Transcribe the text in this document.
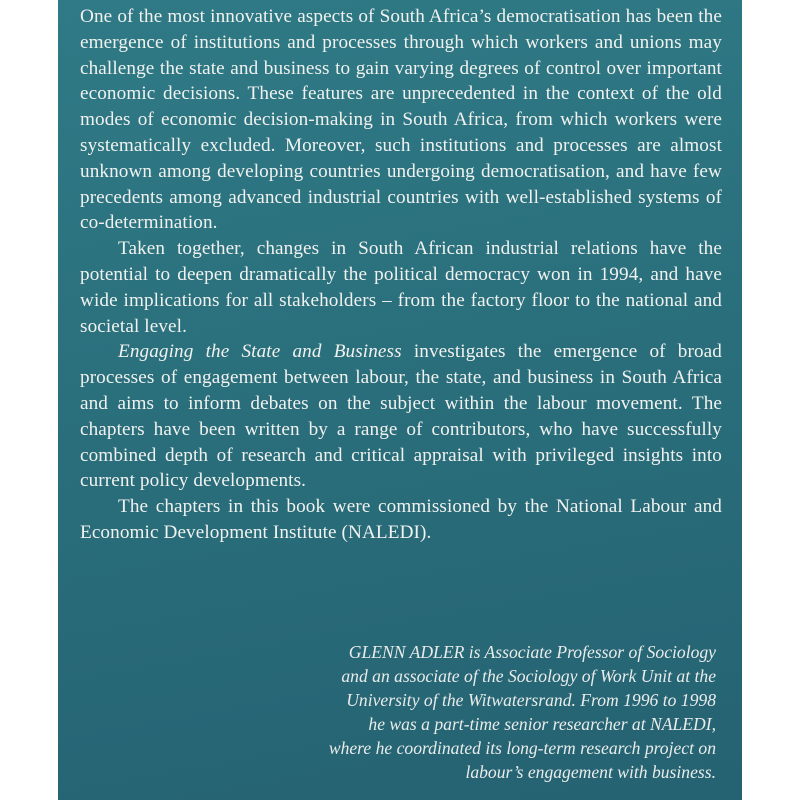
One of the most innovative aspects of South Africa’s democratisation has been the emergence of institutions and processes through which workers and unions may challenge the state and business to gain varying degrees of control over important economic decisions. These features are unprecedented in the context of the old modes of economic decision-making in South Africa, from which workers were systematically excluded. Moreover, such institutions and processes are almost unknown among developing countries undergoing democratisation, and have few precedents among advanced industrial countries with well-established systems of co-determination.

Taken together, changes in South African industrial relations have the potential to deepen dramatically the political democracy won in 1994, and have wide implications for all stakeholders – from the factory floor to the national and societal level.

Engaging the State and Business investigates the emergence of broad processes of engagement between labour, the state, and business in South Africa and aims to inform debates on the subject within the labour movement. The chapters have been written by a range of contributors, who have successfully combined depth of research and critical appraisal with privileged insights into current policy developments.

The chapters in this book were commissioned by the National Labour and Economic Development Institute (NALEDI).

GLENN ADLER is Associate Professor of Sociology
and an associate of the Sociology of Work Unit at the
University of the Witwatersrand. From 1996 to 1998
he was a part-time senior researcher at NALEDI,
where he coordinated its long-term research project on
labour’s engagement with business.
